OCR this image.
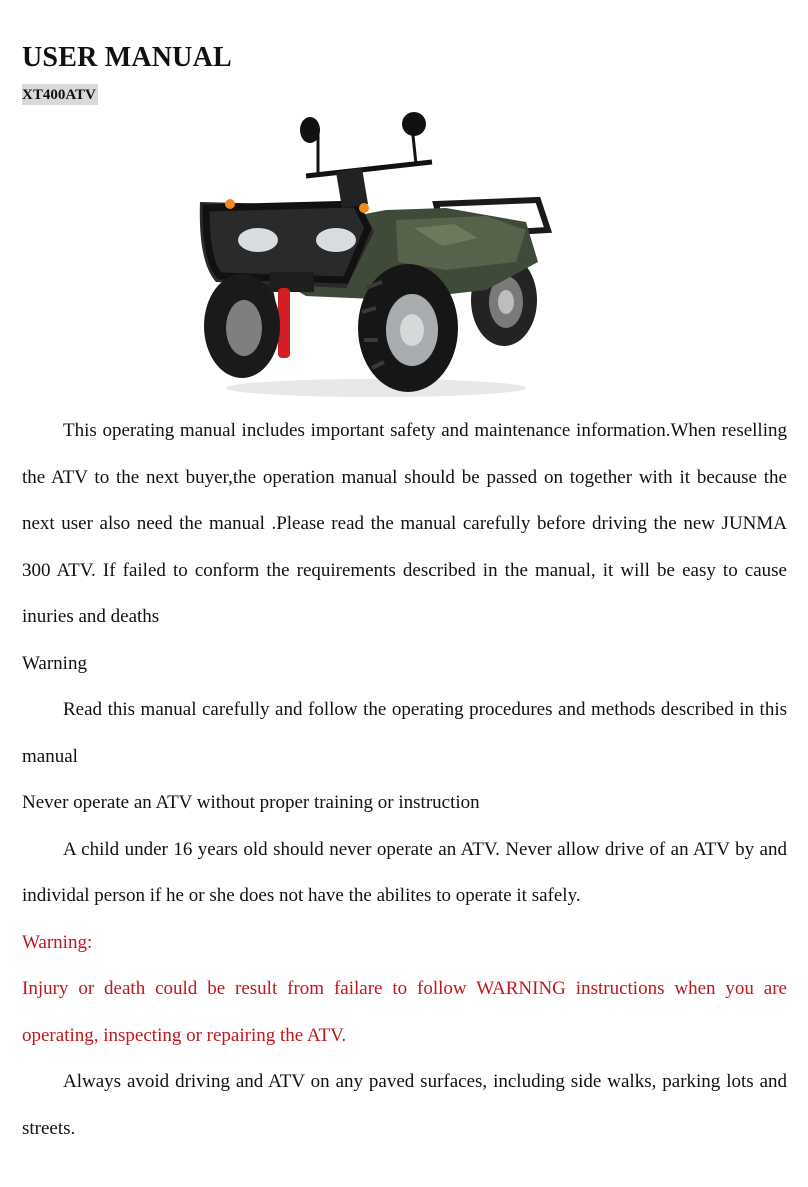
USER MANUAL
XT400ATV

This operating manual includes important safety and maintenance information.When reselling the ATV to the next buyer,the operation manual should be passed on together with it because the next user also need the manual .Please read the manual carefully before driving the new JUNMA 300 ATV. If failed to conform the requirements described in the manual, it will be easy to cause inuries and deaths

Warning

Read this manual carefully and follow the operating procedures and methods described in this manual

Never operate an ATV without proper training or instruction

A child under 16 years old should never operate an ATV. Never allow drive of an ATV by and individal person if he or she does not have the abilites to operate it safely.

Warning:

Injury or death could be result from failare to follow WARNING instructions when you are operating, inspecting or repairing the ATV.

Always avoid driving and ATV on any paved surfaces, including side walks, parking lots and streets.
